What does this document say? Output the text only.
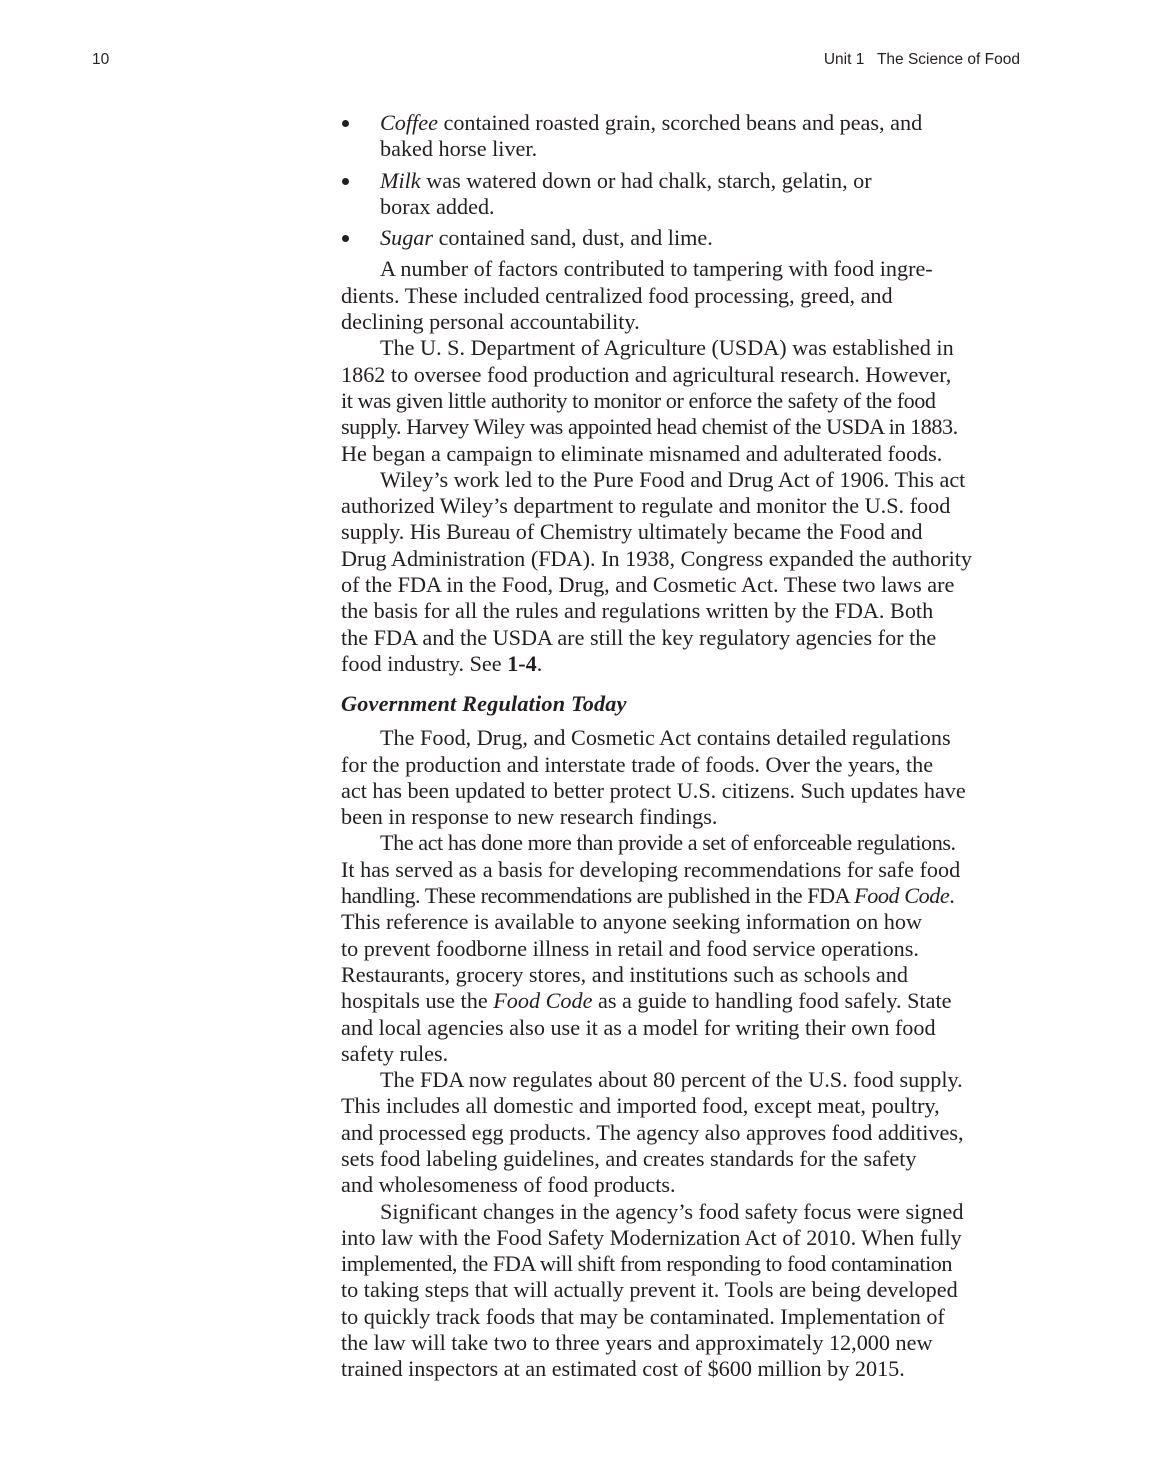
10	Unit 1   The Science of Food
Coffee contained roasted grain, scorched beans and peas, and
baked horse liver.
Milk was watered down or had chalk, starch, gelatin, or
borax added.
Sugar contained sand, dust, and lime.
A number of factors contributed to tampering with food ingre-
dients. These included centralized food processing, greed, and
declining personal accountability.
The U. S. Department of Agriculture (USDA) was established in
1862 to oversee food production and agricultural research. However,
it was given little authority to monitor or enforce the safety of the food
supply. Harvey Wiley was appointed head chemist of the USDA in 1883.
He began a campaign to eliminate misnamed and adulterated foods.
Wiley’s work led to the Pure Food and Drug Act of 1906. This act
authorized Wiley’s department to regulate and monitor the U.S. food
supply. His Bureau of Chemistry ultimately became the Food and
Drug Administration (FDA). In 1938, Congress expanded the authority
of the FDA in the Food, Drug, and Cosmetic Act. These two laws are
the basis for all the rules and regulations written by the FDA. Both
the FDA and the USDA are still the key regulatory agencies for the
food industry. See 1-4.
Government Regulation Today
The Food, Drug, and Cosmetic Act contains detailed regulations
for the production and interstate trade of foods. Over the years, the
act has been updated to better protect U.S. citizens. Such updates have
been in response to new research findings.
The act has done more than provide a set of enforceable regulations.
It has served as a basis for developing recommendations for safe food
handling. These recommendations are published in the FDA Food Code.
This reference is available to anyone seeking information on how
to prevent foodborne illness in retail and food service operations.
Restaurants, grocery stores, and institutions such as schools and
hospitals use the Food Code as a guide to handling food safely. State
and local agencies also use it as a model for writing their own food
safety rules.
The FDA now regulates about 80 percent of the U.S. food supply.
This includes all domestic and imported food, except meat, poultry,
and processed egg products. The agency also approves food additives,
sets food labeling guidelines, and creates standards for the safety
and wholesomeness of food products.
Significant changes in the agency’s food safety focus were signed
into law with the Food Safety Modernization Act of 2010. When fully
implemented, the FDA will shift from responding to food contamination
to taking steps that will actually prevent it. Tools are being developed
to quickly track foods that may be contaminated. Implementation of
the law will take two to three years and approximately 12,000 new
trained inspectors at an estimated cost of $600 million by 2015.
